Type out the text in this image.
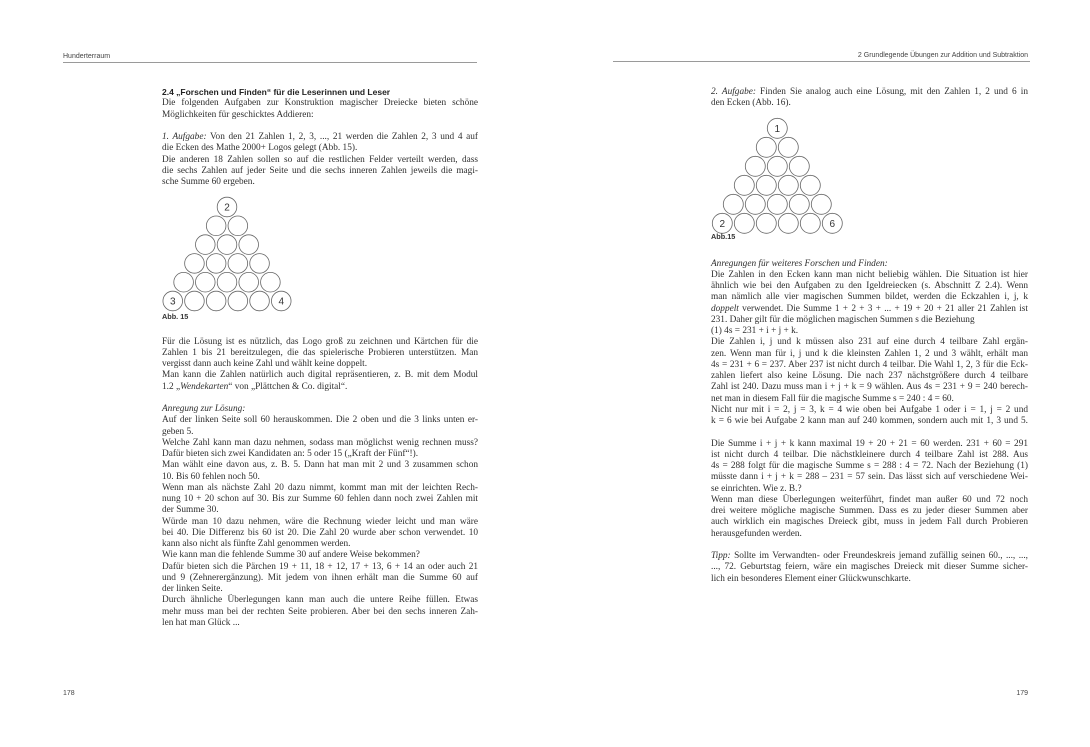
Hunderterraum	2 Grundlegende Übungen zur Addition und Subtraktion
2.4 „Forschen und Finden“ für die Leserinnen und Leser
Die folgenden Aufgaben zur Konstruktion magischer Dreiecke bieten schöne
Möglichkeiten für geschicktes Addieren:
1. Aufgabe: Von den 21 Zahlen 1, 2, 3, ..., 21 werden die Zahlen 2, 3 und 4 auf
die Ecken des Mathe 2000+ Logos gelegt (Abb. 15).
Die anderen 18 Zahlen sollen so auf die restlichen Felder verteilt werden, dass
die sechs Zahlen auf jeder Seite und die sechs inneren Zahlen jeweils die magi-
sche Summe 60 ergeben.
2
3	4
Abb. 15
Für die Lösung ist es nützlich, das Logo groß zu zeichnen und Kärtchen für die
Zahlen 1 bis 21 bereitzulegen, die das spielerische Probieren unterstützen. Man
vergisst dann auch keine Zahl und wählt keine doppelt.
Man kann die Zahlen natürlich auch digital repräsentieren, z. B. mit dem Modul
1.2 „Wendekarten“ von „Plättchen & Co. digital“.
Anregung zur Lösung:
Auf der linken Seite soll 60 herauskommen. Die 2 oben und die 3 links unten er-
geben 5.
Welche Zahl kann man dazu nehmen, sodass man möglichst wenig rechnen muss?
Dafür bieten sich zwei Kandidaten an: 5 oder 15 („Kraft der Fünf“!).
Man wählt eine davon aus, z. B. 5. Dann hat man mit 2 und 3 zusammen schon
10. Bis 60 fehlen noch 50.
Wenn man als nächste Zahl 20 dazu nimmt, kommt man mit der leichten Rech-
nung 10 + 20 schon auf 30. Bis zur Summe 60 fehlen dann noch zwei Zahlen mit
der Summe 30.
Würde man 10 dazu nehmen, wäre die Rechnung wieder leicht und man wäre
bei 40. Die Differenz bis 60 ist 20. Die Zahl 20 wurde aber schon verwendet. 10
kann also nicht als fünfte Zahl genommen werden.
Wie kann man die fehlende Summe 30 auf andere Weise bekommen?
Dafür bieten sich die Pärchen 19 + 11, 18 + 12, 17 + 13, 6 + 14 an oder auch 21
und 9 (Zehnerergänzung). Mit jedem von ihnen erhält man die Summe 60 auf
der linken Seite.
Durch ähnliche Überlegungen kann man auch die untere Reihe füllen. Etwas
mehr muss man bei der rechten Seite probieren. Aber bei den sechs inneren Zah-
len hat man Glück ...
178
2. Aufgabe: Finden Sie analog auch eine Lösung, mit den Zahlen 1, 2 und 6 in
den Ecken (Abb. 16).
1
2	6
Abb.15
Anregungen für weiteres Forschen und Finden:
Die Zahlen in den Ecken kann man nicht beliebig wählen. Die Situation ist hier
ähnlich wie bei den Aufgaben zu den Igeldreiecken (s. Abschnitt Z 2.4). Wenn
man nämlich alle vier magischen Summen bildet, werden die Eckzahlen i, j, k
doppelt verwendet. Die Summe 1 + 2 + 3 + ... + 19 + 20 + 21 aller 21 Zahlen ist
231. Daher gilt für die möglichen magischen Summen s die Beziehung
(1) 4s = 231 + i + j + k.
Die Zahlen i, j und k müssen also 231 auf eine durch 4 teilbare Zahl ergän-
zen. Wenn man für i, j und k die kleinsten Zahlen 1, 2 und 3 wählt, erhält man
4s = 231 + 6 = 237. Aber 237 ist nicht durch 4 teilbar. Die Wahl 1, 2, 3 für die Eck-
zahlen liefert also keine Lösung. Die nach 237 nächstgrößere durch 4 teilbare
Zahl ist 240. Dazu muss man i + j + k = 9 wählen. Aus 4s = 231 + 9 = 240 berech-
net man in diesem Fall für die magische Summe s = 240 : 4 = 60.
Nicht nur mit i = 2, j = 3, k = 4 wie oben bei Aufgabe 1 oder i = 1, j = 2 und
k = 6 wie bei Aufgabe 2 kann man auf 240 kommen, sondern auch mit 1, 3 und 5.
Die Summe i + j + k kann maximal 19 + 20 + 21 = 60 werden. 231 + 60 = 291
ist nicht durch 4 teilbar. Die nächstkleinere durch 4 teilbare Zahl ist 288. Aus
4s = 288 folgt für die magische Summe s = 288 : 4 = 72. Nach der Beziehung (1)
müsste dann i + j + k = 288 – 231 = 57 sein. Das lässt sich auf verschiedene Wei-
se einrichten. Wie z. B.?
Wenn man diese Überlegungen weiterführt, findet man außer 60 und 72 noch
drei weitere mögliche magische Summen. Dass es zu jeder dieser Summen aber
auch wirklich ein magisches Dreieck gibt, muss in jedem Fall durch Probieren
herausgefunden werden.
Tipp: Sollte im Verwandten- oder Freundeskreis jemand zufällig seinen 60., ..., ...,
..., 72. Geburtstag feiern, wäre ein magisches Dreieck mit dieser Summe sicher-
lich ein besonderes Element einer Glückwunschkarte.
179
